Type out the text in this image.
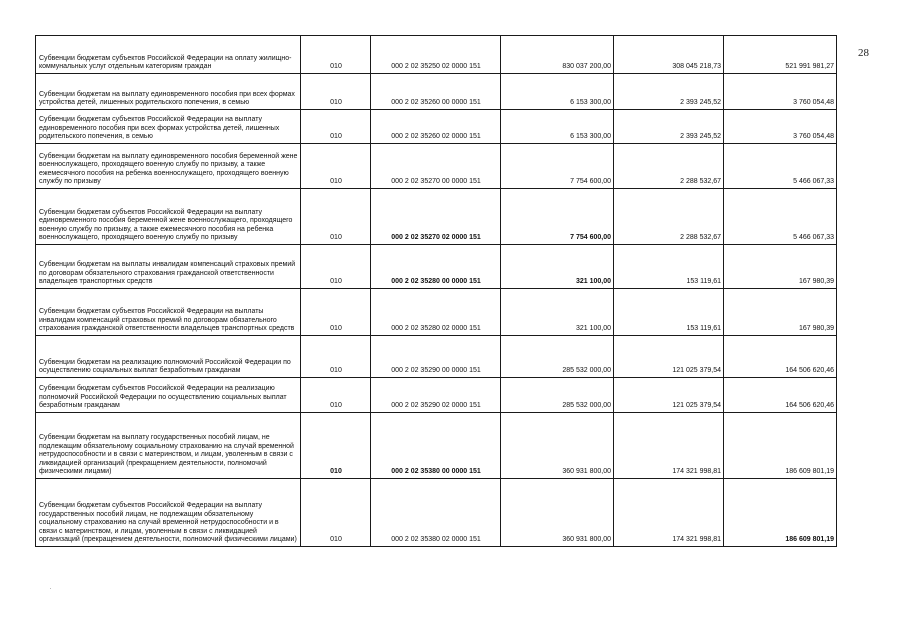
28
Субвенции бюджетам субъектов Российской Федерации на оплату жилищно-коммунальных услуг отдельным категориям граждан	010	000 2 02 35250 02 0000 151	830 037 200,00	308 045 218,73	521 991 981,27
Субвенции бюджетам на выплату единовременного пособия при всех формах устройства детей, лишенных родительского попечения, в семью	010	000 2 02 35260 00 0000 151	6 153 300,00	2 393 245,52	3 760 054,48
Субвенции бюджетам субъектов Российской Федерации на выплату единовременного пособия при всех формах устройства детей, лишенных родительского попечения, в семью	010	000 2 02 35260 02 0000 151	6 153 300,00	2 393 245,52	3 760 054,48
Субвенции бюджетам на выплату единовременного пособия беременной жене военнослужащего, проходящего военную службу по призыву, а также ежемесячного пособия на ребенка военнослужащего, проходящего военную службу по призыву	010	000 2 02 35270 00 0000 151	7 754 600,00	2 288 532,67	5 466 067,33
Субвенции бюджетам субъектов Российской Федерации на выплату единовременного пособия беременной жене военнослужащего, проходящего военную службу по призыву, а также ежемесячного пособия на ребенка военнослужащего, проходящего военную службу по призыву	010	000 2 02 35270 02 0000 151	7 754 600,00	2 288 532,67	5 466 067,33
Субвенции бюджетам на выплаты инвалидам компенсаций страховых премий по договорам обязательного страхования гражданской ответственности владельцев транспортных средств	010	000 2 02 35280 00 0000 151	321 100,00	153 119,61	167 980,39
Субвенции бюджетам субъектов Российской Федерации на выплаты инвалидам компенсаций страховых премий по договорам обязательного страхования гражданской ответственности владельцев транспортных средств	010	000 2 02 35280 02 0000 151	321 100,00	153 119,61	167 980,39
Субвенции бюджетам на реализацию полномочий Российской Федерации по осуществлению социальных выплат безработным гражданам	010	000 2 02 35290 00 0000 151	285 532 000,00	121 025 379,54	164 506 620,46
Субвенции бюджетам субъектов Российской Федерации на реализацию полномочий Российской Федерации по осуществлению социальных выплат безработным гражданам	010	000 2 02 35290 02 0000 151	285 532 000,00	121 025 379,54	164 506 620,46
Субвенции бюджетам на выплату государственных пособий лицам, не подлежащим обязательному социальному страхованию на случай временной нетрудоспособности и в связи с материнством, и лицам, уволенным в связи с ликвидацией организаций (прекращением деятельности, полномочий физическими лицами)	010	000 2 02 35380 00 0000 151	360 931 800,00	174 321 998,81	186 609 801,19
Субвенции бюджетам субъектов Российской Федерации на выплату государственных пособий лицам, не подлежащим обязательному социальному страхованию на случай временной нетрудоспособности и в связи с материнством, и лицам, уволенным в связи с ликвидацией организаций (прекращением деятельности, полномочий физическими лицами)	010	000 2 02 35380 02 0000 151	360 931 800,00	174 321 998,81	186 609 801,19
